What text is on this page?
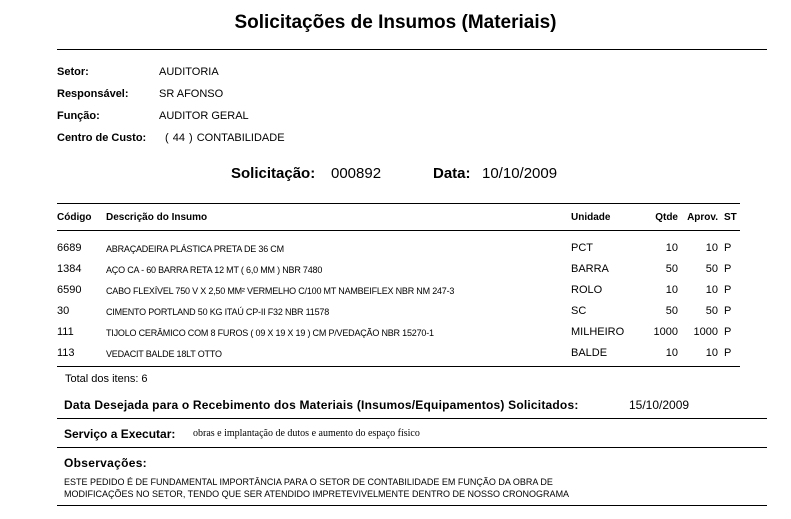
Solicitações de Insumos (Materiais)
Setor:	AUDITORIA
Responsável:	SR AFONSO
Função:	AUDITOR GERAL
Centro de Custo: ( 44 ) CONTABILIDADE
Solicitação: 000892	Data: 10/10/2009
Código Descrição do Insumo	Unidade	Qtde Aprov. ST
6689	ABRAÇADEIRA PLÁSTICA PRETA DE 36 CM	PCT	10	10 P
1384	AÇO CA - 60 BARRA RETA 12 MT ( 6,0 MM ) NBR 7480	BARRA	50	50 P
6590	CABO FLEXÍVEL 750 V X 2,50 MM² VERMELHO C/100 MT NAMBEIFLEX NBR NM 247-3	ROLO	10	10 P
30	CIMENTO PORTLAND 50 KG ITAÚ CP-II F32 NBR 11578	SC	50	50 P
111	TIJOLO CERÂMICO COM 8 FUROS ( 09 X 19 X 19 ) CM P/VEDAÇÃO NBR 15270-1	MILHEIRO	1000	1000 P
113	VEDACIT BALDE 18LT OTTO	BALDE	10	10 P
Total dos itens: 6
Data Desejada para o Recebimento dos Materiais (Insumos/Equipamentos) Solicitados:	15/10/2009
Serviço a Executar: obras e implantação de dutos e aumento do espaço físico
Observações:
ESTE PEDIDO É DE FUNDAMENTAL IMPORTÂNCIA PARA O SETOR DE CONTABILIDADE EM FUNÇÃO DA OBRA DE
MODIFICAÇÕES NO SETOR, TENDO QUE SER ATENDIDO IMPRETEVIVELMENTE DENTRO DE NOSSO CRONOGRAMA
